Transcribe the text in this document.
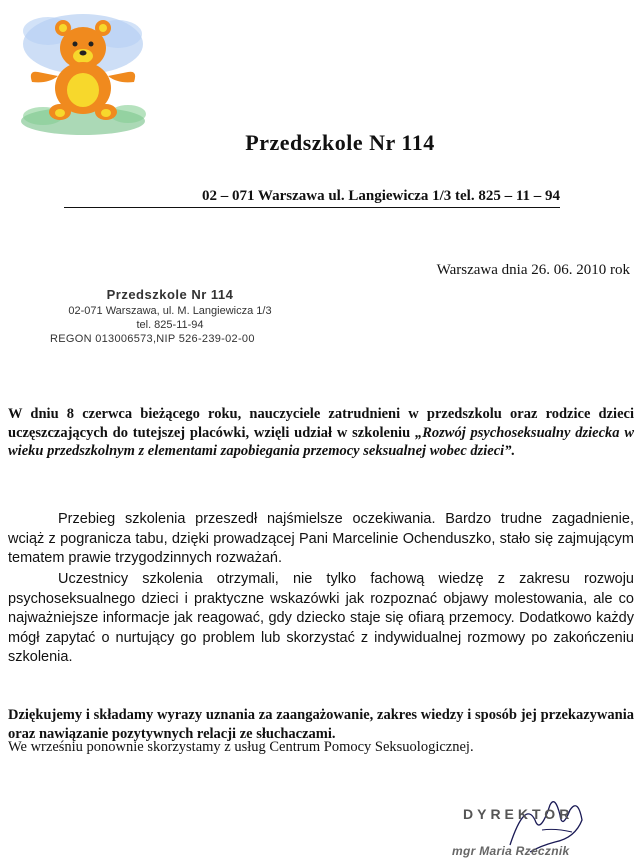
Przedszkole Nr 114
02 – 071 Warszawa ul. Langiewicza 1/3 tel. 825 – 11 – 94
Warszawa dnia 26. 06. 2010 rok
Przedszkole Nr 114
02-071 Warszawa, ul. M. Langiewicza 1/3
tel. 825-11-94
REGON 013006573,NIP 526-239-02-00

W dniu 8 czerwca bieżącego roku, nauczyciele zatrudnieni w przedszkolu oraz rodzice dzieci uczęszczających do tutejszej placówki, wzięli udział w szkoleniu „Rozwój psychoseksualny dziecka w wieku przedszkolnym z elementami zapobiegania przemocy seksualnej wobec dzieci”.

Przebieg szkolenia przeszedł najśmielsze oczekiwania. Bardzo trudne zagadnienie, wciąż z pogranicza tabu, dzięki prowadzącej Pani Marcelinie Ochenduszko, stało się zajmującym tematem prawie trzygodzinnych rozważań.

Uczestnicy szkolenia otrzymali, nie tylko fachową wiedzę z zakresu rozwoju psychoseksualnego dzieci i praktyczne wskazówki jak rozpoznać objawy molestowania, ale co najważniejsze informacje jak reagować, gdy dziecko staje się ofiarą przemocy. Dodatkowo każdy mógł zapytać o nurtujący go problem lub skorzystać z indywidualnej rozmowy po zakończeniu szkolenia.

Dziękujemy i składamy wyrazy uznania za zaangażowanie, zakres wiedzy i sposób jej przekazywania oraz nawiązanie pozytywnych relacji ze słuchaczami.

We wrześniu ponownie skorzystamy z usług Centrum Pomocy Seksuologicznej.

DYREKTOR
mgr Maria Rzecznik
